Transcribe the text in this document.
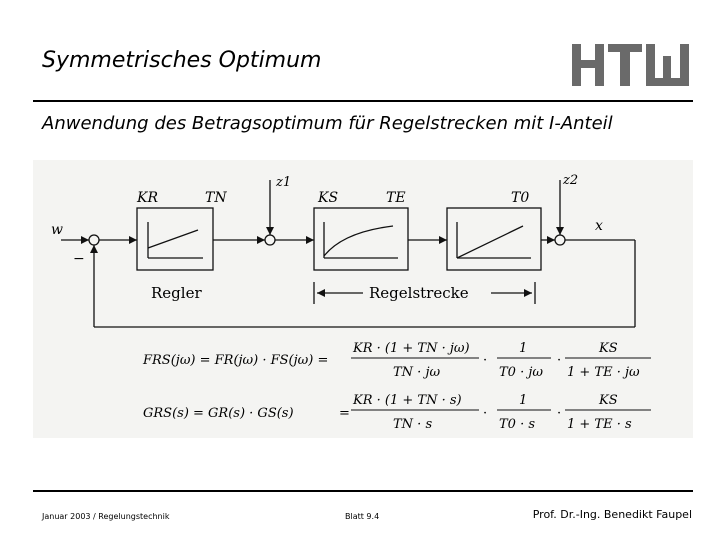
Symmetrisches Optimum
Anwendung des Betragsoptimum für Regelstrecken mit I-Anteil
w
−
x
z1	z2
KR	TN	KS	TE	T0
Regler	Regelstrecke
FRS(jω) = FR(jω) · FS(jω) =
KR · (1 + TN · jω)
TN · jω
·
1
T0 · jω
·
KS
1 + TE · jω
GRS(s) = GR(s) · GS(s)	=
KR · (1 + TN · s)
TN · s
·
1
T0 · s
·
KS
1 + TE · s
Januar 2003 / Regelungstechnik	Blatt 9.4	Prof. Dr.-Ing. Benedikt Faupel
